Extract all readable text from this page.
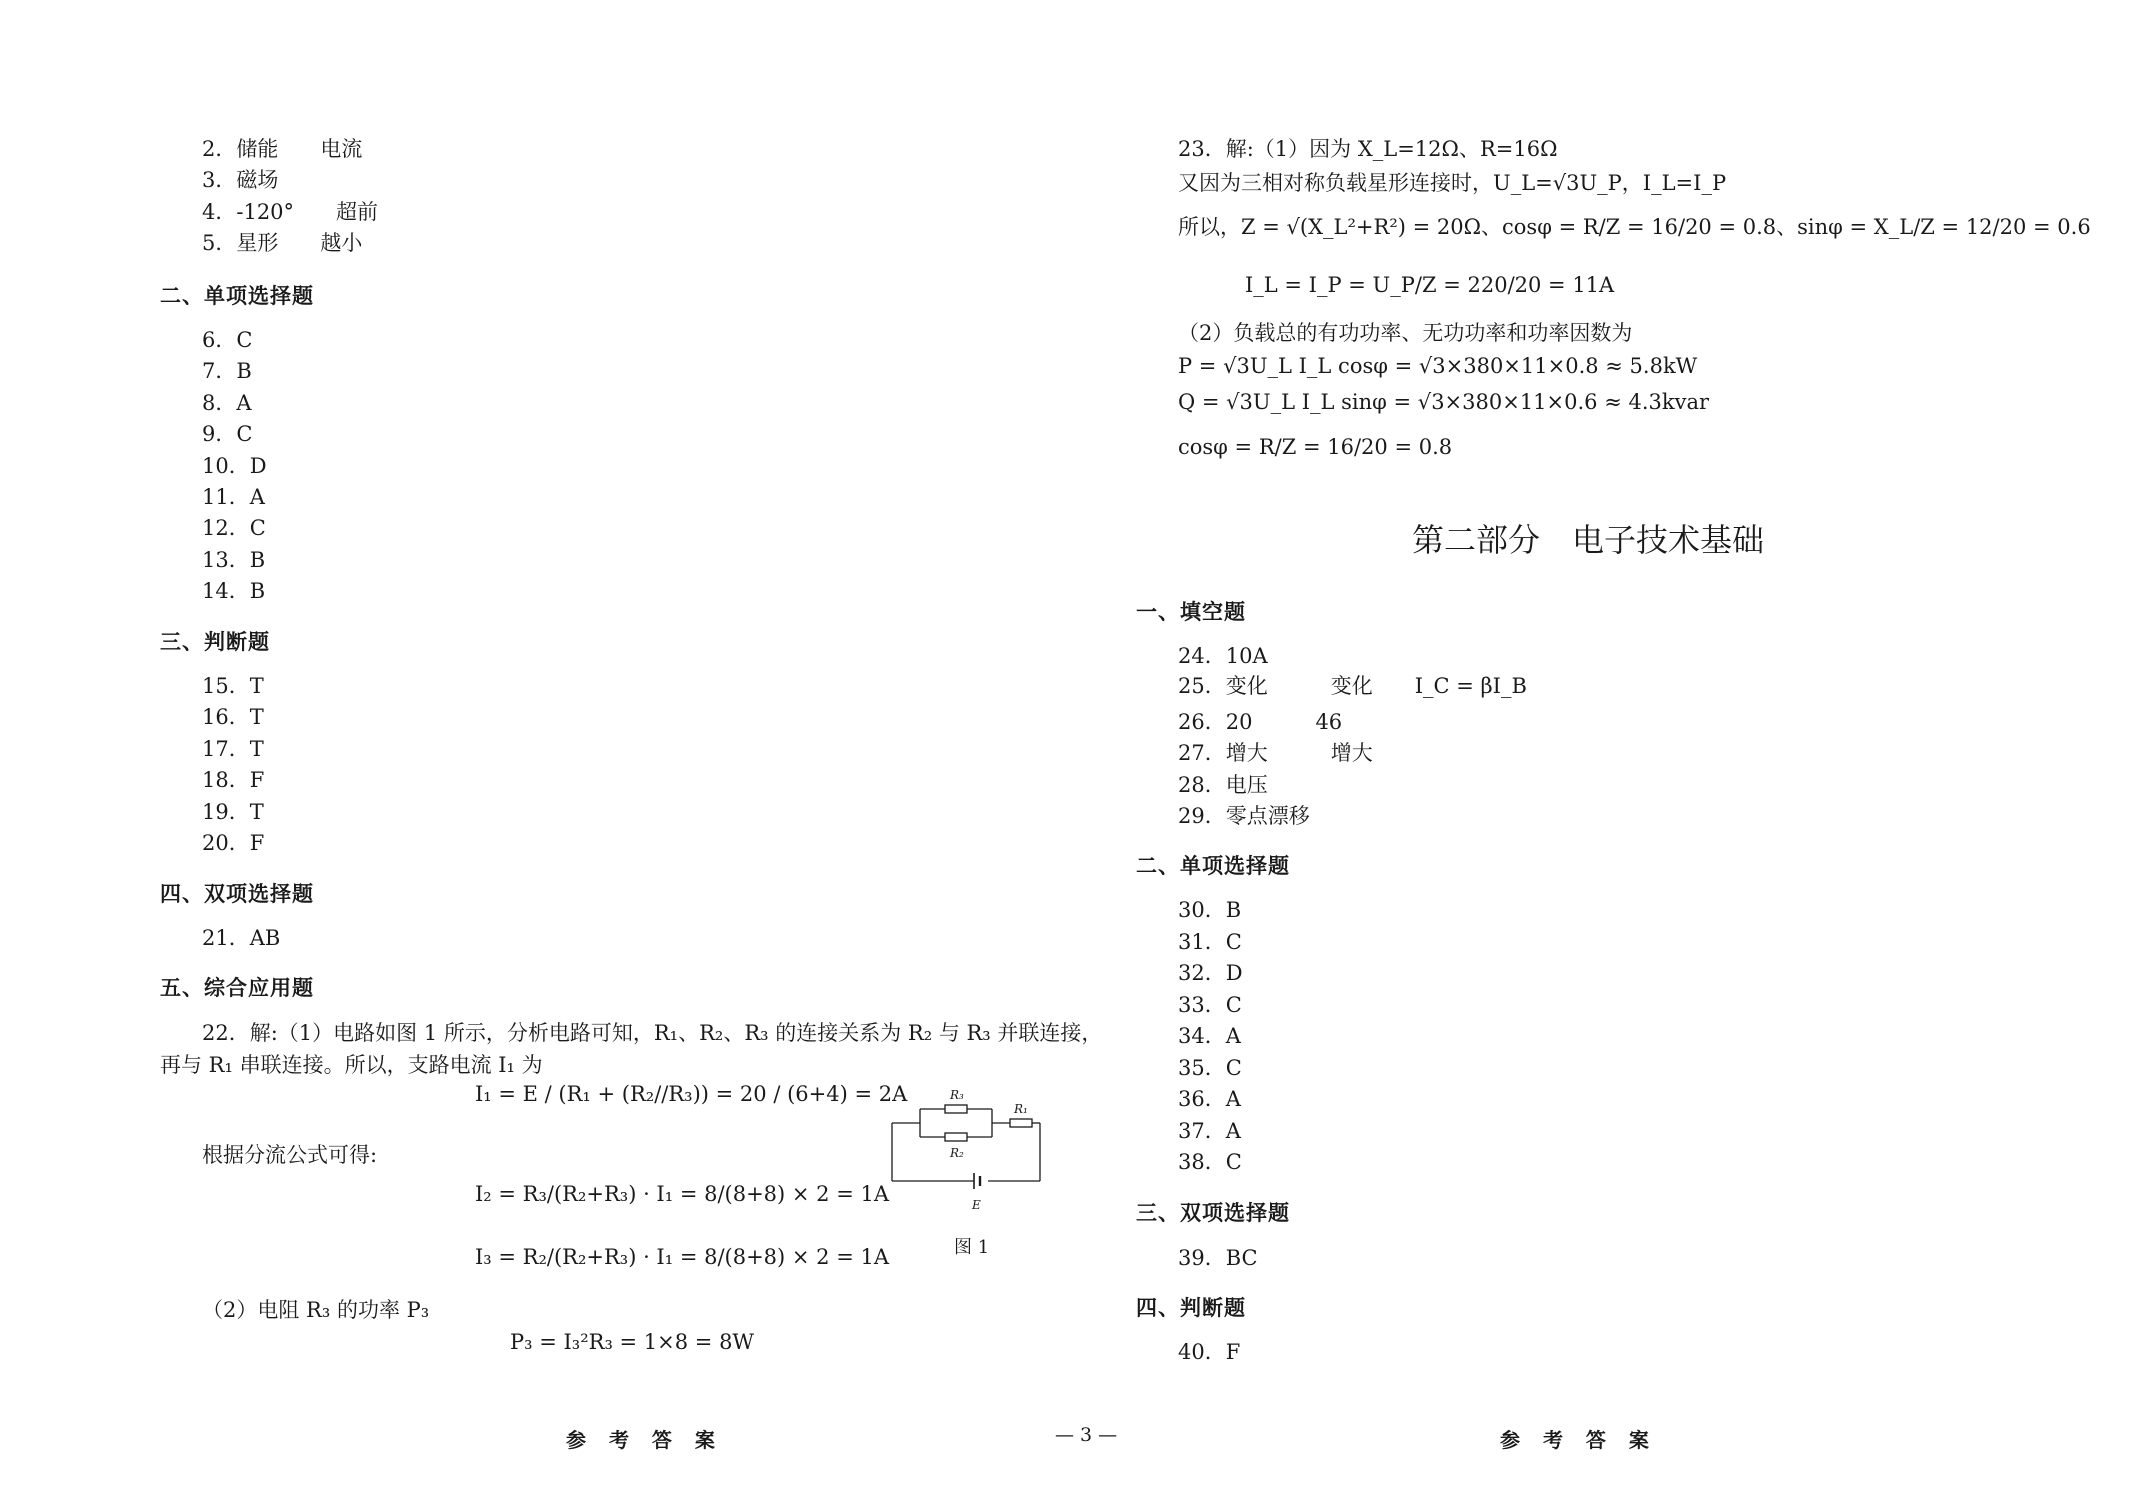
2．储能　　电流
3．磁场
4．-120°　　超前
5．星形　　越小
二、单项选择题
6．C
7．B
8．A
9．C
10．D
11．A
12．C
13．B
14．B
三、判断题
15．T
16．T
17．T
18．F
19．T
20．F
四、双项选择题
21．AB
五、综合应用题
22．解:（1）电路如图 1 所示，分析电路可知，R₁、R₂、R₃ 的连接关系为 R₂ 与 R₃ 并联连接，
再与 R₁ 串联连接。所以，支路电流 I₁ 为
I₁ = E / (R₁ + (R₂//R₃)) = 20 / (6+4) = 2A
根据分流公式可得:
I₂ = R₃/(R₂+R₃) · I₁ = 8/(8+8) × 2 = 1A
I₃ = R₂/(R₂+R₃) · I₁ = 8/(8+8) × 2 = 1A
（2）电阻 R₃ 的功率 P₃
P₃ = I₃²R₃ = 1×8 = 8W
R₃
R₂
R₁
E
图 1
参 考 答 案	— 3 —
23．解:（1）因为 X_L=12Ω、R=16Ω
又因为三相对称负载星形连接时，U_L=√3U_P，I_L=I_P
所以，Z = √(X_L²+R²) = 20Ω、cosφ = R/Z = 16/20 = 0.8、sinφ = X_L/Z = 12/20 = 0.6
I_L = I_P = U_P/Z = 220/20 = 11A
（2）负载总的有功功率、无功功率和功率因数为
P = √3U_L I_L cosφ = √3×380×11×0.8 ≈ 5.8kW
Q = √3U_L I_L sinφ = √3×380×11×0.6 ≈ 4.3kvar
cosφ = R/Z = 16/20 = 0.8
第二部分　电子技术基础
一、填空题
24．10A
25．变化　　　变化　　I_C = βI_B
26．20　　　46
27．增大　　　增大
28．电压
29．零点漂移
二、单项选择题
30．B
31．C
32．D
33．C
34．A
35．C
36．A
37．A
38．C
三、双项选择题
39．BC
四、判断题
40．F
参 考 答 案
